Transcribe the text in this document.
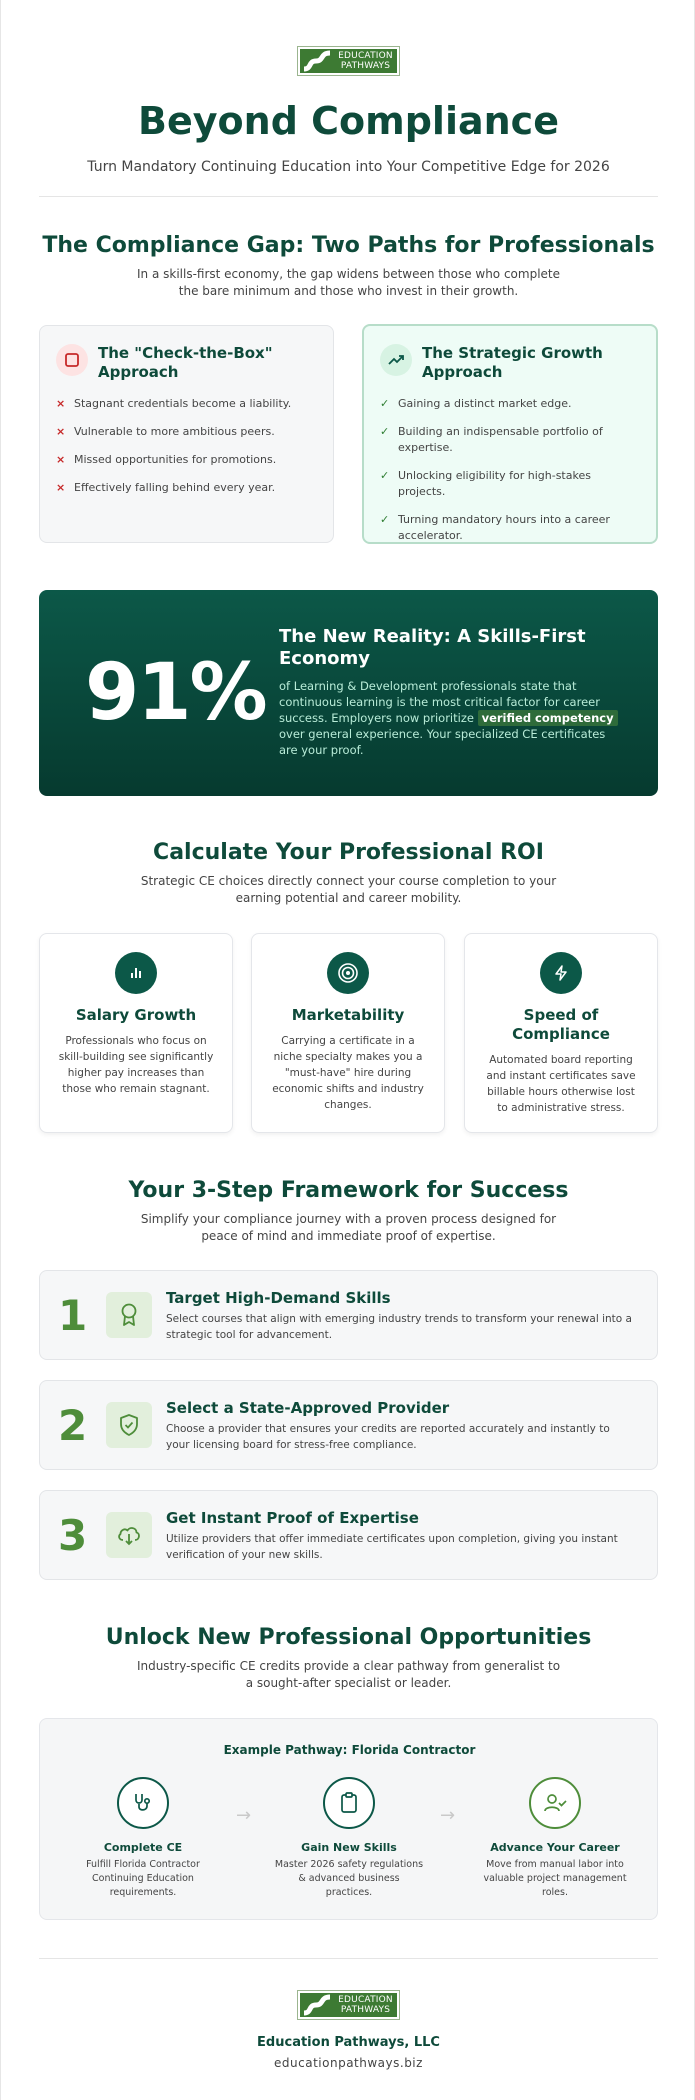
EDUCATION
PATHWAYS
Beyond Compliance

Turn Mandatory Continuing Education into Your Competitive Edge for 2026

The Compliance Gap: Two Paths for Professionals

In a skills-first economy, the gap widens between those who complete the bare minimum and those who invest in their growth.

The "Check-the-Box" Approach
× Stagnant credentials become a liability.
× Vulnerable to more ambitious peers.
× Missed opportunities for promotions.
× Effectively falling behind every year.
The Strategic Growth Approach
✓ Gaining a distinct market edge.
✓ Building an indispensable portfolio of expertise.
✓ Unlocking eligibility for high-stakes projects.
✓ Turning mandatory hours into a career accelerator.
91%
The New Reality: A Skills-First Economy
of Learning & Development professionals state that continuous learning is the most critical factor for career success. Employers now prioritize verified competency over general experience. Your specialized CE certificates are your proof.
Calculate Your Professional ROI

Strategic CE choices directly connect your course completion to your earning potential and career mobility.

Salary Growth

Professionals who focus on skill-building see significantly higher pay increases than those who remain stagnant.

Marketability

Carrying a certificate in a niche specialty makes you a "must-have" hire during economic shifts and industry changes.

Speed of Compliance

Automated board reporting and instant certificates save billable hours otherwise lost to administrative stress.

Your 3-Step Framework for Success

Simplify your compliance journey with a proven process designed for peace of mind and immediate proof of expertise.

1	Target High-Demand Skills

Select courses that align with emerging industry trends to transform your renewal into a strategic tool for advancement.

2	Select a State-Approved Provider

Choose a provider that ensures your credits are reported accurately and instantly to your licensing board for stress-free compliance.

3	Get Instant Proof of Expertise

Utilize providers that offer immediate certificates upon completion, giving you instant verification of your new skills.

Unlock New Professional Opportunities

Industry-specific CE credits provide a clear pathway from generalist to a sought-after specialist or leader.

Example Pathway: Florida Contractor
Complete CE

Fulfill Florida Contractor Continuing Education requirements.

→
Gain New Skills

Master 2026 safety regulations & advanced business practices.

→
Advance Your Career

Move from manual labor into valuable project management roles.

EDUCATION
PATHWAYS
Education Pathways, LLC
educationpathways.biz
